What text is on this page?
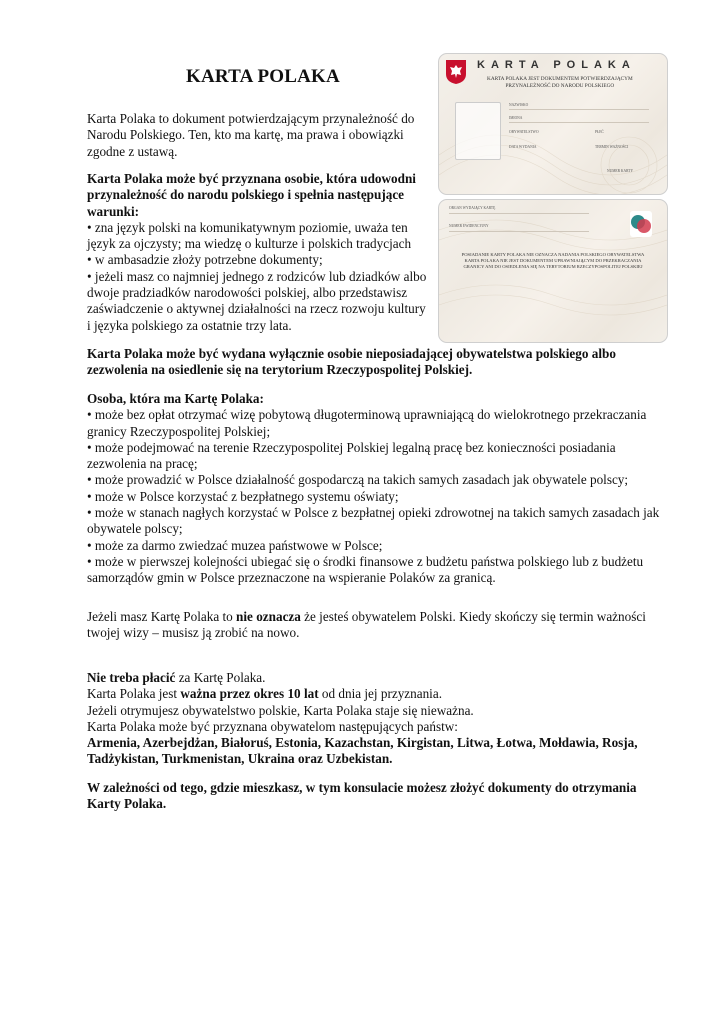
KARTA POLAKA

Karta Polaka to dokument potwierdzającym przynależność do Narodu Polskiego. Ten, kto ma kartę, ma prawa i obowiązki zgodne z ustawą.

Karta Polaka może być przyznana osobie, która udowodni przynależność do narodu polskiego i spełnia następujące warunki:

• zna język polski na komunikatywnym poziomie, uważa ten język za ojczysty; ma wiedzę o kulturze i polskich tradycjach

• w ambasadzie złoży potrzebne dokumenty;

• jeżeli masz co najmniej jednego z rodziców lub dziadków albo dwoje pradziadków narodowości polskiej, albo przedstawisz zaświadczenie o aktywnej działalności na rzecz rozwoju kultury i języka polskiego za ostatnie trzy lata.

KARTA POLAKA
KARTA POLAKA JEST DOKUMENTEM POTWIERDZAJĄCYM
PRZYNALEŻNOŚĆ DO NARODU POLSKIEGO
NAZWISKO
IMIONA
OBYWATELSTWO	PŁEĆ
DATA WYDANIA	TERMIN WAŻNOŚCI
NUMER KARTY
ORGAN WYDAJĄCY KARTĘ
NUMER EWIDENCYJNY
POSIADANIE KARTY POLAKA NIE OZNACZA NADANIA POLSKIEGO OBYWATELSTWA
KARTA POLAKA NIE JEST DOKUMENTEM UPRAWNIAJĄCYM DO PRZEKRACZANIA
GRANICY ANI DO OSIEDLENIA SIĘ NA TERYTORIUM RZECZYPOSPOLITEJ POLSKIEJ

Karta Polaka może być wydana wyłącznie osobie nieposiadającej obywatelstwa polskiego albo zezwolenia na osiedlenie się na terytorium Rzeczypospolitej Polskiej.

Osoba, która ma Kartę Polaka:

• może bez opłat otrzymać wizę pobytową długoterminową uprawniającą do wielokrotnego przekraczania granicy Rzeczypospolitej Polskiej;

• może podejmować na terenie Rzeczypospolitej Polskiej legalną pracę bez konieczności posiadania zezwolenia na pracę;

• może prowadzić w Polsce działalność gospodarczą na takich samych zasadach jak obywatele polscy;

• może w Polsce korzystać z bezpłatnego systemu oświaty;

• może w stanach nagłych korzystać w Polsce z bezpłatnej opieki zdrowotnej na takich samych zasadach jak obywatele polscy;

• może za darmo zwiedzać muzea państwowe w Polsce;

• może w pierwszej kolejności ubiegać się o środki finansowe z budżetu państwa polskiego lub z budżetu samorządów gmin w Polsce przeznaczone na wspieranie Polaków za granicą.

Jeżeli masz Kartę Polaka to nie oznacza że jesteś obywatelem Polski. Kiedy skończy się termin ważności twojej wizy – musisz ją zrobić na nowo.

Nie treba płacić za Kartę Polaka.

Karta Polaka jest ważna przez okres 10 lat od dnia jej przyznania.

Jeżeli otrymujesz obywatelstwo polskie, Karta Polaka staje się nieważna.

Karta Polaka może być przyznana obywatelom następujących państw:

Armenia, Azerbejdżan, Białoruś, Estonia, Kazachstan, Kirgistan, Litwa, Łotwa, Mołdawia, Rosja, Tadżykistan, Turkmenistan, Ukraina oraz Uzbekistan.

W zależności od tego, gdzie mieszkasz, w tym konsulacie możesz złożyć dokumenty do otrzymania Karty Polaka.
